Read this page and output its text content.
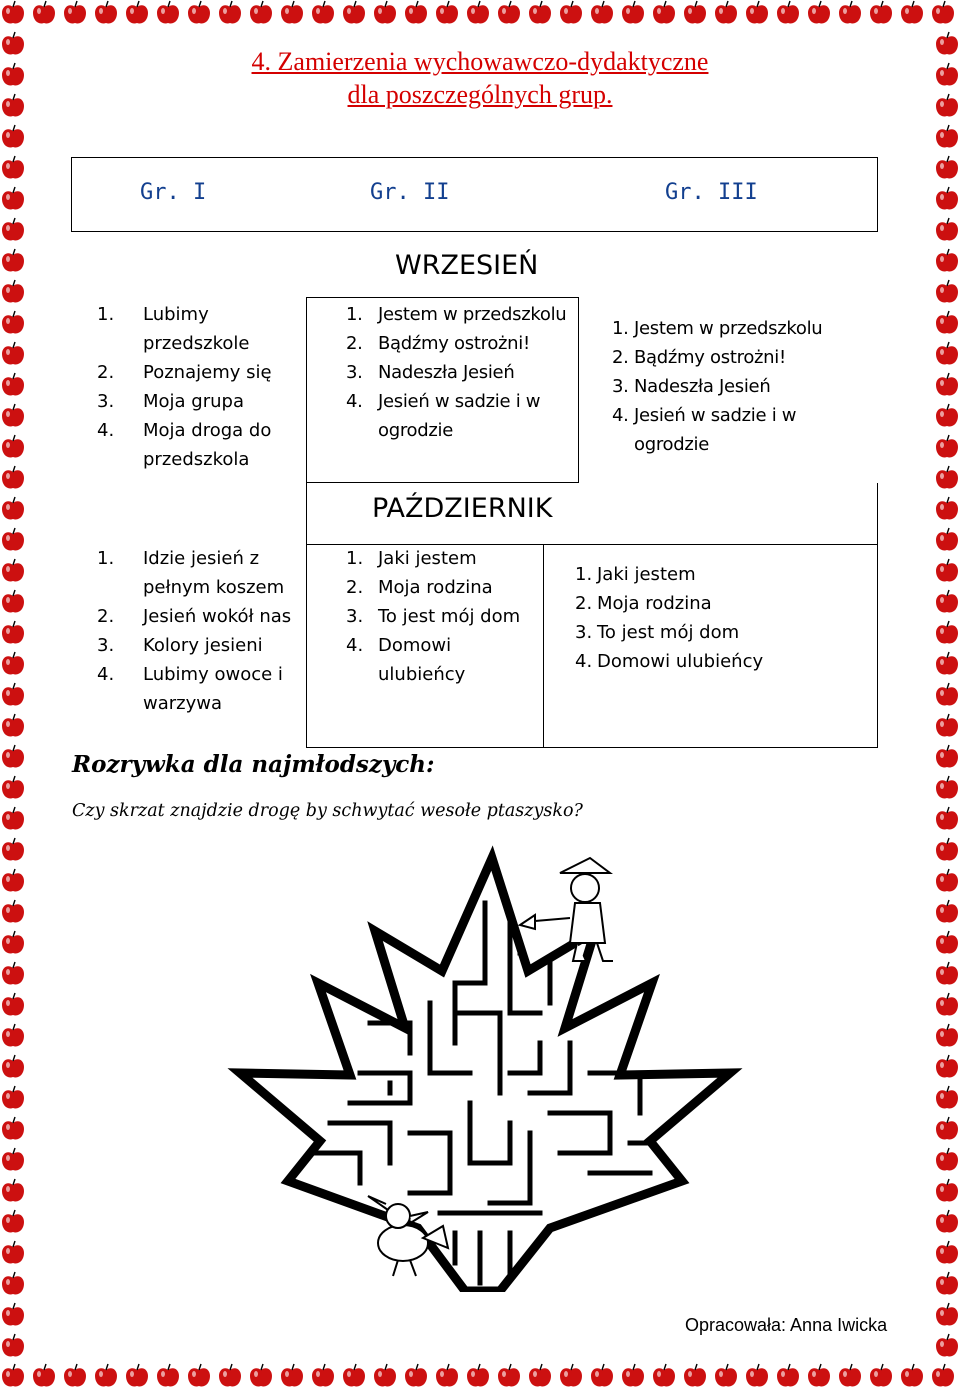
4. Zamierzenia wychowawczo-dydaktyczne
dla poszczególnych grup.
Gr. I	Gr. II	Gr. III
WRZESIEŃ
1. Lubimy przedszkole
2. Poznajemy się
3. Moja grupa
4. Moja droga do przedszkola
1. Jestem w przedszkolu
2. Bądźmy ostrożni!
3. Nadeszła Jesień
4. Jesień w sadzie i w ogrodzie
1. Jestem w przedszkolu
2. Bądźmy ostrożni!
3. Nadeszła Jesień
4. Jesień w sadzie i w ogrodzie
PAŹDZIERNIK
1. Idzie jesień z pełnym koszem
2. Jesień wokół nas
3. Kolory jesieni
4. Lubimy owoce i warzywa
1. Jaki jestem
2. Moja rodzina
3. To jest mój dom
4. Domowi ulubieńcy
1. Jaki jestem
2. Moja rodzina
3. To jest mój dom
4. Domowi ulubieńcy
Rozrywka dla najmłodszych:
Czy skrzat znajdzie drogę by schwytać wesołe ptaszysko?
Opracowała: Anna Iwicka
